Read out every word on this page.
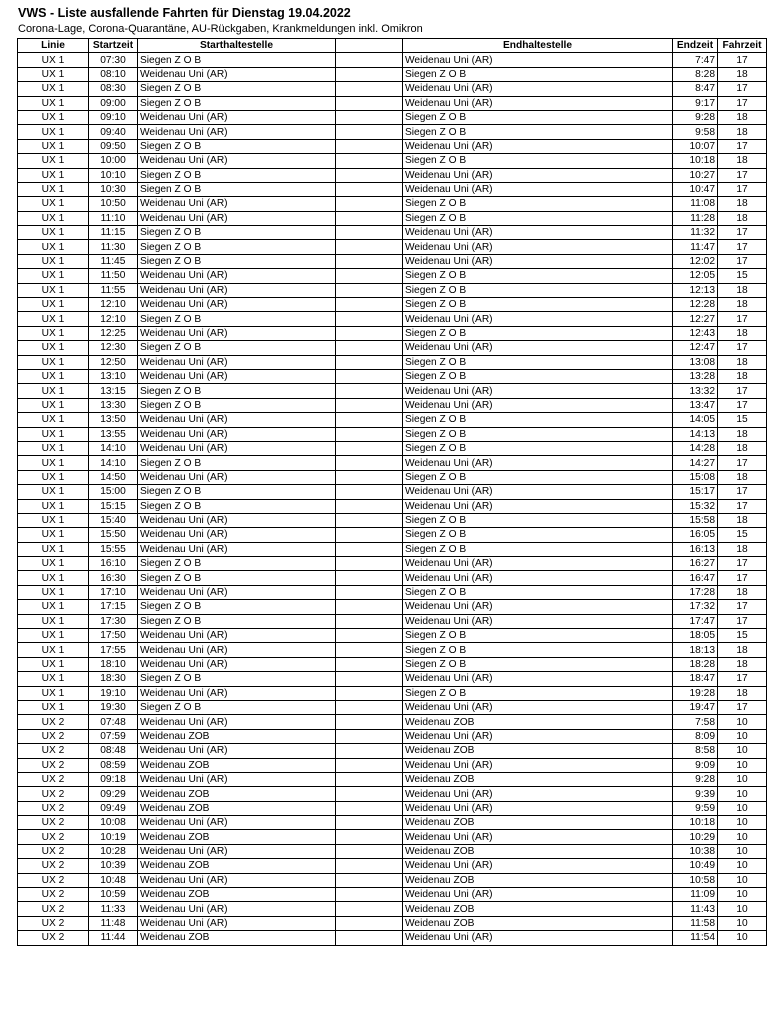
VWS - Liste ausfallende Fahrten für Dienstag 19.04.2022
Corona-Lage, Corona-Quarantäne, AU-Rückgaben, Krankmeldungen inkl. Omikron
Linie	Startzeit	Starthaltestelle		Endhaltestelle	Endzeit	Fahrzeit
UX 1	07:30	Siegen Z O B		Weidenau Uni (AR)	7:47	17
UX 1	08:10	Weidenau Uni (AR)		Siegen Z O B	8:28	18
UX 1	08:30	Siegen Z O B		Weidenau Uni (AR)	8:47	17
UX 1	09:00	Siegen Z O B		Weidenau Uni (AR)	9:17	17
UX 1	09:10	Weidenau Uni (AR)		Siegen Z O B	9:28	18
UX 1	09:40	Weidenau Uni (AR)		Siegen Z O B	9:58	18
UX 1	09:50	Siegen Z O B		Weidenau Uni (AR)	10:07	17
UX 1	10:00	Weidenau Uni (AR)		Siegen Z O B	10:18	18
UX 1	10:10	Siegen Z O B		Weidenau Uni (AR)	10:27	17
UX 1	10:30	Siegen Z O B		Weidenau Uni (AR)	10:47	17
UX 1	10:50	Weidenau Uni (AR)		Siegen Z O B	11:08	18
UX 1	11:10	Weidenau Uni (AR)		Siegen Z O B	11:28	18
UX 1	11:15	Siegen Z O B		Weidenau Uni (AR)	11:32	17
UX 1	11:30	Siegen Z O B		Weidenau Uni (AR)	11:47	17
UX 1	11:45	Siegen Z O B		Weidenau Uni (AR)	12:02	17
UX 1	11:50	Weidenau Uni (AR)		Siegen Z O B	12:05	15
UX 1	11:55	Weidenau Uni (AR)		Siegen Z O B	12:13	18
UX 1	12:10	Weidenau Uni (AR)		Siegen Z O B	12:28	18
UX 1	12:10	Siegen Z O B		Weidenau Uni (AR)	12:27	17
UX 1	12:25	Weidenau Uni (AR)		Siegen Z O B	12:43	18
UX 1	12:30	Siegen Z O B		Weidenau Uni (AR)	12:47	17
UX 1	12:50	Weidenau Uni (AR)		Siegen Z O B	13:08	18
UX 1	13:10	Weidenau Uni (AR)		Siegen Z O B	13:28	18
UX 1	13:15	Siegen Z O B		Weidenau Uni (AR)	13:32	17
UX 1	13:30	Siegen Z O B		Weidenau Uni (AR)	13:47	17
UX 1	13:50	Weidenau Uni (AR)		Siegen Z O B	14:05	15
UX 1	13:55	Weidenau Uni (AR)		Siegen Z O B	14:13	18
UX 1	14:10	Weidenau Uni (AR)		Siegen Z O B	14:28	18
UX 1	14:10	Siegen Z O B		Weidenau Uni (AR)	14:27	17
UX 1	14:50	Weidenau Uni (AR)		Siegen Z O B	15:08	18
UX 1	15:00	Siegen Z O B		Weidenau Uni (AR)	15:17	17
UX 1	15:15	Siegen Z O B		Weidenau Uni (AR)	15:32	17
UX 1	15:40	Weidenau Uni (AR)		Siegen Z O B	15:58	18
UX 1	15:50	Weidenau Uni (AR)		Siegen Z O B	16:05	15
UX 1	15:55	Weidenau Uni (AR)		Siegen Z O B	16:13	18
UX 1	16:10	Siegen Z O B		Weidenau Uni (AR)	16:27	17
UX 1	16:30	Siegen Z O B		Weidenau Uni (AR)	16:47	17
UX 1	17:10	Weidenau Uni (AR)		Siegen Z O B	17:28	18
UX 1	17:15	Siegen Z O B		Weidenau Uni (AR)	17:32	17
UX 1	17:30	Siegen Z O B		Weidenau Uni (AR)	17:47	17
UX 1	17:50	Weidenau Uni (AR)		Siegen Z O B	18:05	15
UX 1	17:55	Weidenau Uni (AR)		Siegen Z O B	18:13	18
UX 1	18:10	Weidenau Uni (AR)		Siegen Z O B	18:28	18
UX 1	18:30	Siegen Z O B		Weidenau Uni (AR)	18:47	17
UX 1	19:10	Weidenau Uni (AR)		Siegen Z O B	19:28	18
UX 1	19:30	Siegen Z O B		Weidenau Uni (AR)	19:47	17
UX 2	07:48	Weidenau Uni (AR)		Weidenau ZOB	7:58	10
UX 2	07:59	Weidenau ZOB		Weidenau Uni (AR)	8:09	10
UX 2	08:48	Weidenau Uni (AR)		Weidenau ZOB	8:58	10
UX 2	08:59	Weidenau ZOB		Weidenau Uni (AR)	9:09	10
UX 2	09:18	Weidenau Uni (AR)		Weidenau ZOB	9:28	10
UX 2	09:29	Weidenau ZOB		Weidenau Uni (AR)	9:39	10
UX 2	09:49	Weidenau ZOB		Weidenau Uni (AR)	9:59	10
UX 2	10:08	Weidenau Uni (AR)		Weidenau ZOB	10:18	10
UX 2	10:19	Weidenau ZOB		Weidenau Uni (AR)	10:29	10
UX 2	10:28	Weidenau Uni (AR)		Weidenau ZOB	10:38	10
UX 2	10:39	Weidenau ZOB		Weidenau Uni (AR)	10:49	10
UX 2	10:48	Weidenau Uni (AR)		Weidenau ZOB	10:58	10
UX 2	10:59	Weidenau ZOB		Weidenau Uni (AR)	11:09	10
UX 2	11:33	Weidenau Uni (AR)		Weidenau ZOB	11:43	10
UX 2	11:48	Weidenau Uni (AR)		Weidenau ZOB	11:58	10
UX 2	11:44	Weidenau ZOB		Weidenau Uni (AR)	11:54	10
